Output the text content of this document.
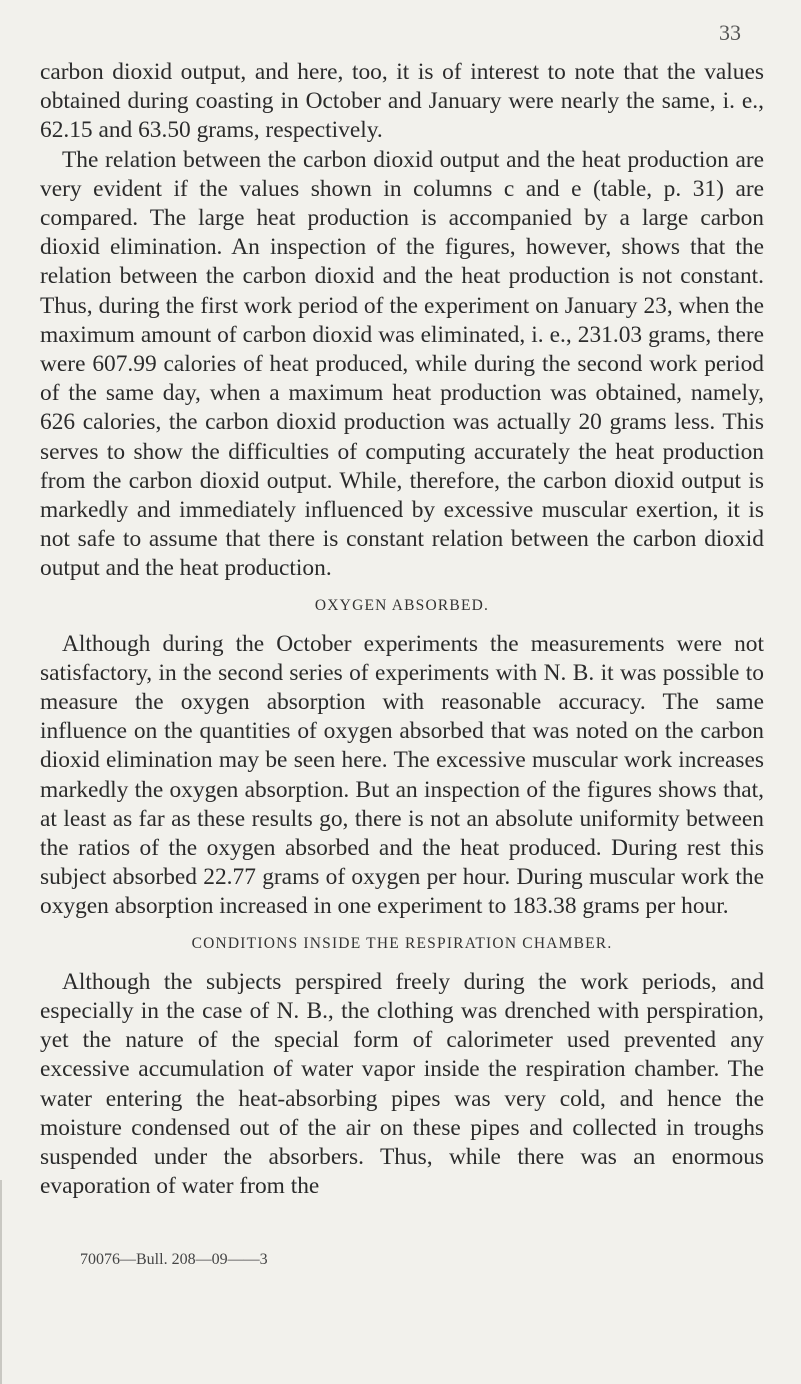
33

carbon dioxid output, and here, too, it is of interest to note that the values obtained during coasting in October and January were nearly the same, i. e., 62.15 and 63.50 grams, respectively.

The relation between the carbon dioxid output and the heat production are very evident if the values shown in columns c and e (table, p. 31) are compared. The large heat production is accompanied by a large carbon dioxid elimination. An inspection of the figures, however, shows that the relation between the carbon dioxid and the heat production is not constant. Thus, during the first work period of the experiment on January 23, when the maximum amount of carbon dioxid was eliminated, i. e., 231.03 grams, there were 607.99 calories of heat produced, while during the second work period of the same day, when a maximum heat production was obtained, namely, 626 calories, the carbon dioxid production was actually 20 grams less. This serves to show the difficulties of computing accurately the heat production from the carbon dioxid output. While, therefore, the carbon dioxid output is markedly and immediately influenced by excessive muscular exertion, it is not safe to assume that there is constant relation between the carbon dioxid output and the heat production.

OXYGEN ABSORBED.

Although during the October experiments the measurements were not satisfactory, in the second series of experiments with N. B. it was possible to measure the oxygen absorption with reasonable accuracy. The same influence on the quantities of oxygen absorbed that was noted on the carbon dioxid elimination may be seen here. The excessive muscular work increases markedly the oxygen absorption. But an inspection of the figures shows that, at least as far as these results go, there is not an absolute uniformity between the ratios of the oxygen absorbed and the heat produced. During rest this subject absorbed 22.77 grams of oxygen per hour. During muscular work the oxygen absorption increased in one experiment to 183.38 grams per hour.

CONDITIONS INSIDE THE RESPIRATION CHAMBER.

Although the subjects perspired freely during the work periods, and especially in the case of N. B., the clothing was drenched with perspiration, yet the nature of the special form of calorimeter used prevented any excessive accumulation of water vapor inside the respiration chamber. The water entering the heat-absorbing pipes was very cold, and hence the moisture condensed out of the air on these pipes and collected in troughs suspended under the absorbers. Thus, while there was an enormous evaporation of water from the

70076—Bull. 208—09——3
